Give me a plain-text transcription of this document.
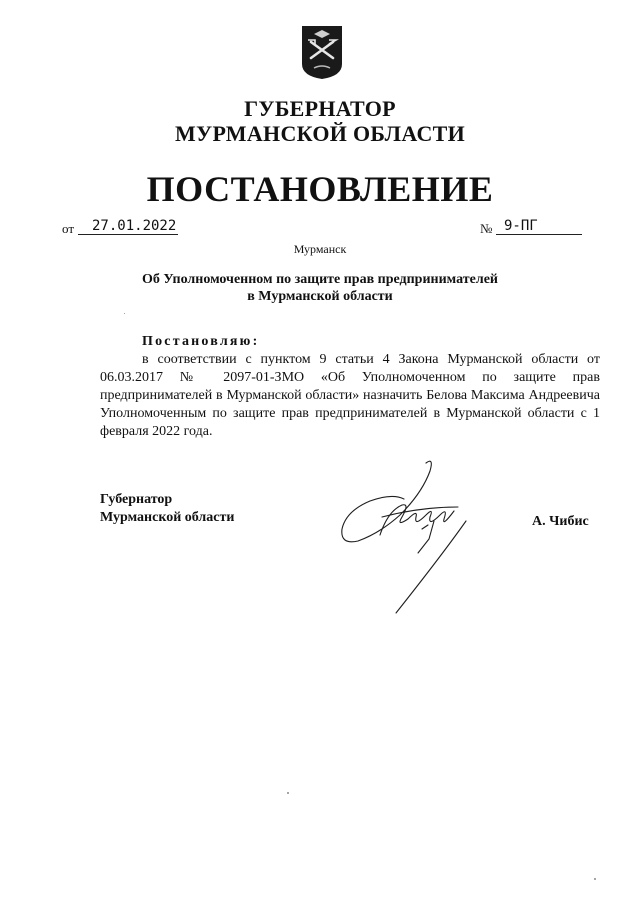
ГУБЕРНАТОР
МУРМАНСКОЙ ОБЛАСТИ
ПОСТАНОВЛЕНИЕ
от	27.01.2022	№ 9-ПГ
Мурманск
Об Уполномоченном по защите прав предпринимателей
в Мурманской области
Постановляю:

в соответствии с пунктом 9 статьи 4 Закона Мурманской области от 06.03.2017 № 2097-01-ЗМО «Об Уполномоченном по защите прав предпринимателей в Мурманской области» назначить Белова Максима Андреевича Уполномоченным по защите прав предпринимателей в Мурманской области с 1 февраля 2022 года.

Губернатор
Мурманской области	А. Чибис
